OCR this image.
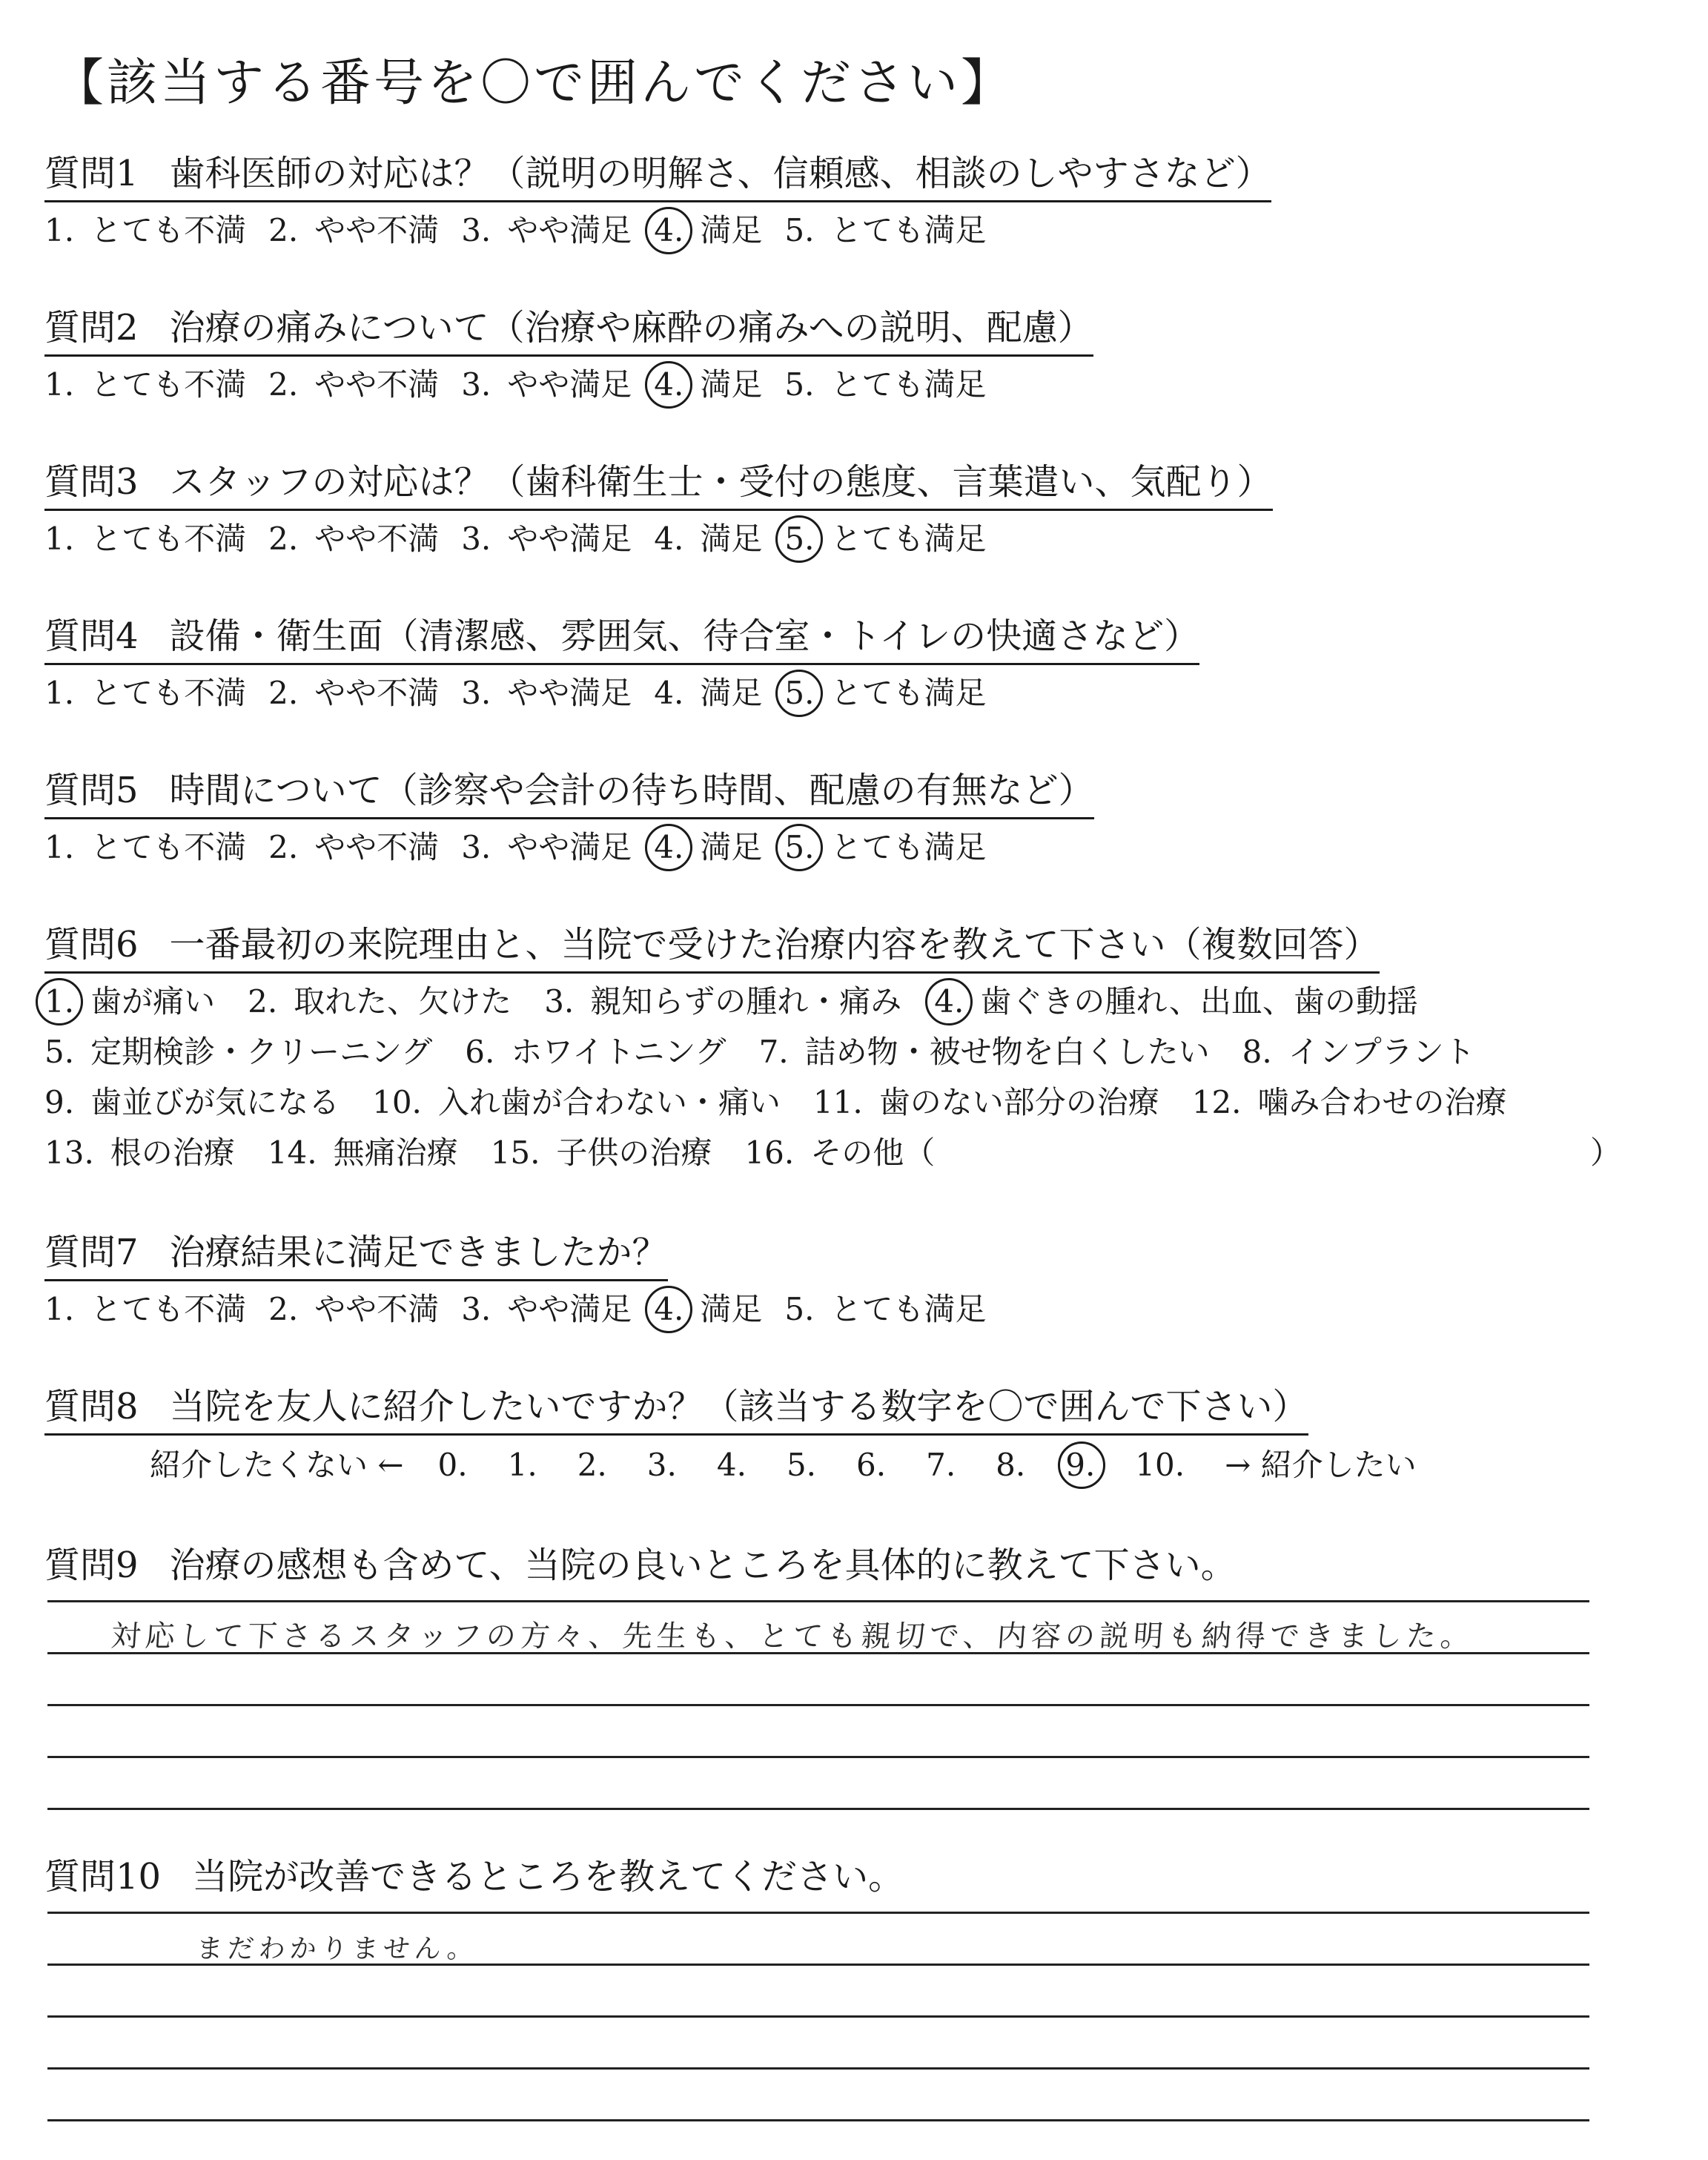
【該当する番号を〇で囲んでください】
質問1 歯科医師の対応は？（説明の明解さ、信頼感、相談のしやすさなど）
1. とても不満 2. やや不満 3. やや満足 4. 満足 5. とても満足
質問2 治療の痛みについて（治療や麻酔の痛みへの説明、配慮）
1. とても不満 2. やや不満 3. やや満足 4. 満足 5. とても満足
質問3 スタッフの対応は？（歯科衛生士・受付の態度、言葉遣い、気配り）
1. とても不満 2. やや不満 3. やや満足 4. 満足 5. とても満足
質問4 設備・衛生面（清潔感、雰囲気、待合室・トイレの快適さなど）
1. とても不満 2. やや不満 3. やや満足 4. 満足 5. とても満足
質問5 時間について（診察や会計の待ち時間、配慮の有無など）
1. とても不満 2. やや不満 3. やや満足 4. 満足 5. とても満足
質問6 一番最初の来院理由と、当院で受けた治療内容を教えて下さい（複数回答）
1. 歯が痛い 2. 取れた、欠けた 3. 親知らずの腫れ・痛み 4. 歯ぐきの腫れ、出血、歯の動揺
5. 定期検診・クリーニング 6. ホワイトニング 7. 詰め物・被せ物を白くしたい 8. インプラント
9. 歯並びが気になる 10. 入れ歯が合わない・痛い 11. 歯のない部分の治療 12. 噛み合わせの治療
13. 根の治療 14. 無痛治療 15. 子供の治療 16. その他（	）
質問7 治療結果に満足できましたか？
1. とても不満 2. やや不満 3. やや満足 4. 満足 5. とても満足
質問8 当院を友人に紹介したいですか？（該当する数字を〇で囲んで下さい）
紹介したくない ← 0. 1. 2. 3. 4. 5. 6. 7. 8. 9. 10. → 紹介したい
質問9 治療の感想も含めて、当院の良いところを具体的に教えて下さい。
対応して下さるスタッフの方々、先生も、とても親切で、内容の説明も納得できました。
質問10 当院が改善できるところを教えてください。
まだわかりません。
